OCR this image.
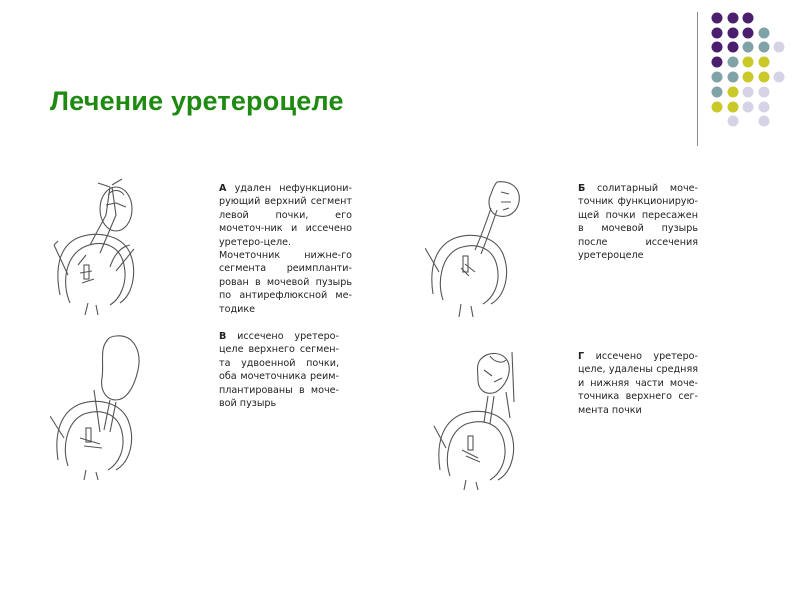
Лечение уретероцеле
А удален нефункциони-рующий верхний сегмент левой почки, его мочеточ-ник и иссечено уретеро-целе. Мочеточник нижне-го сегмента реимпланти-рован в мочевой пузырь по антирефлюксной ме-тодике
Б солитарный моче-точник функционирую-щей почки пересажен в мочевой пузырь после иссечения уретероцеле
В иссечено уретеро-целе верхнего сегмен-та удвоенной почки, оба мочеточника реим-плантированы в моче-вой пузырь
Г иссечено уретеро-целе, удалены средняя и нижняя части моче-точника верхнего сег-мента почки
